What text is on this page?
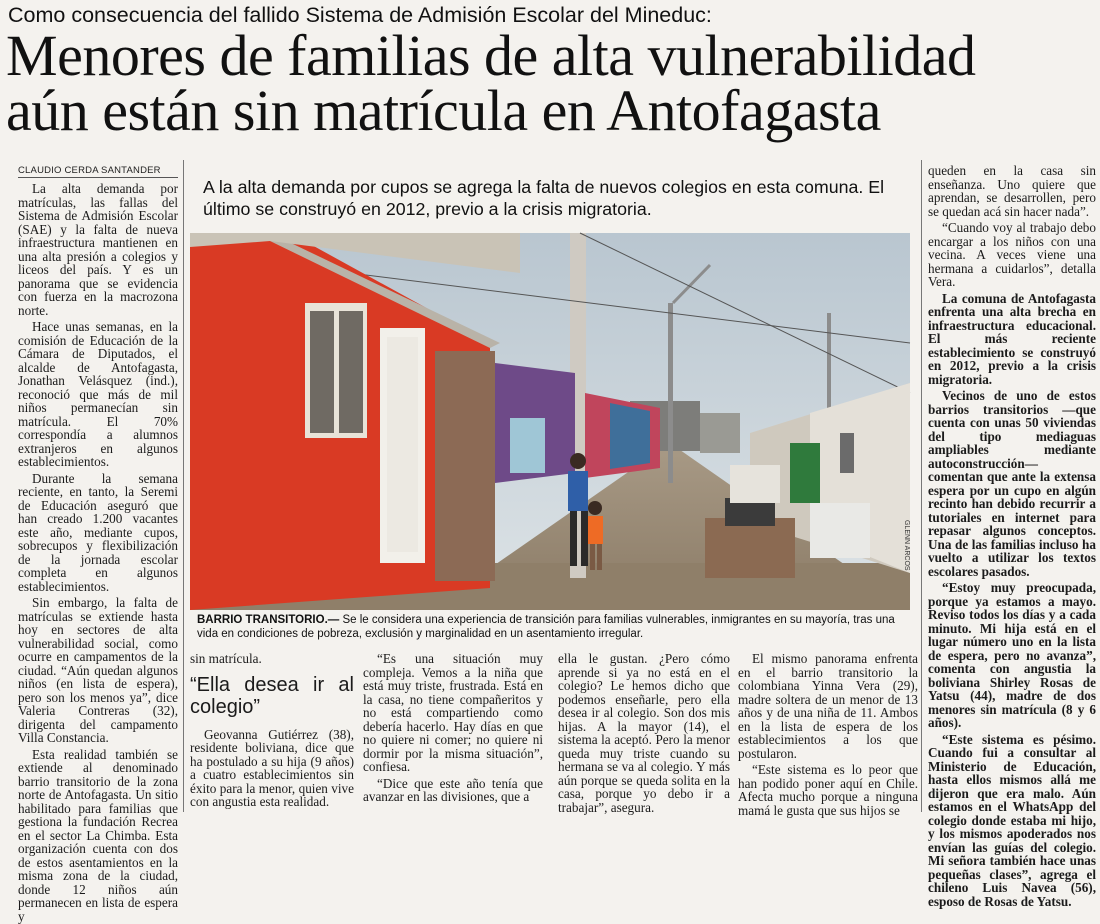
Como consecuencia del fallido Sistema de Admisión Escolar del Mineduc:
Menores de familias de alta vulnerabilidad
aún están sin matrícula en Antofagasta
CLAUDIO CERDA SANTANDER
A la alta demanda por cupos se agrega la falta de nuevos colegios en esta comuna. El último se construyó en 2012, previo a la crisis migratoria.
GLENN ARCOS
BARRIO TRANSITORIO.— Se le considera una experiencia de transición para familias vulnerables, inmigrantes en su mayoría, tras una vida en condiciones de pobreza, exclusión y marginalidad en un asentamiento irregular.

La alta demanda por matrículas, las fallas del Sistema de Admisión Escolar (SAE) y la falta de nueva infraestructura mantienen en una alta presión a colegios y liceos del país. Y es un panorama que se evidencia con fuerza en la macrozona norte.

Hace unas semanas, en la comisión de Educación de la Cámara de Diputados, el alcalde de Antofagasta, Jonathan Velásquez (ind.), reconoció que más de mil niños permanecían sin matrícula. El 70% correspondía a alumnos extranjeros en algunos establecimientos.

Durante la semana reciente, en tanto, la Seremi de Educación aseguró que han creado 1.200 vacantes este año, mediante cupos, sobrecupos y flexibilización de la jornada escolar completa en algunos establecimientos.

Sin embargo, la falta de matrículas se extiende hasta hoy en sectores de alta vulnerabilidad social, como ocurre en campamentos de la ciudad. “Aún quedan algunos niños (en lista de espera), pero son los menos ya”, dice Valeria Contreras (32), dirigenta del campamento Villa Constancia.

Esta realidad también se extiende al denominado barrio transitorio de la zona norte de Antofagasta. Un sitio habilitado para familias que gestiona la fundación Recrea en el sector La Chimba. Esta organización cuenta con dos de estos asentamientos en la misma zona de la ciudad, donde 12 niños aún permanecen en lista de espera y

sin matrícula.

“Ella desea ir al colegio”

Geovanna Gutiérrez (38), residente boliviana, dice que ha postulado a su hija (9 años) a cuatro establecimientos sin éxito para la menor, quien vive con angustia esta realidad.

“Es una situación muy compleja. Vemos a la niña que está muy triste, frustrada. Está en la casa, no tiene compañeritos y no está compartiendo como debería hacerlo. Hay días en que no quiere ni comer; no quiere ni dormir por la misma situación”, confiesa.

“Dice que este año tenía que avanzar en las divisiones, que a

ella le gustan. ¿Pero cómo aprende si ya no está en el colegio? Le hemos dicho que podemos enseñarle, pero ella desea ir al colegio. Son dos mis hijas. A la mayor (14), el sistema la aceptó. Pero la menor queda muy triste cuando su hermana se va al colegio. Y más aún porque se queda solita en la casa, porque yo debo ir a trabajar”, asegura.

El mismo panorama enfrenta en el barrio transitorio la colombiana Yinna Vera (29), madre soltera de un menor de 13 años y de una niña de 11. Ambos en la lista de espera de los establecimientos a los que postularon.

“Este sistema es lo peor que han podido poner aquí en Chile. Afecta mucho porque a ninguna mamá le gusta que sus hijos se

queden en la casa sin enseñanza. Uno quiere que aprendan, se desarrollen, pero se quedan acá sin hacer nada”.

“Cuando voy al trabajo debo encargar a los niños con una vecina. A veces viene una hermana a cuidarlos”, detalla Vera.

La comuna de Antofagasta enfrenta una alta brecha en infraestructura educacional. El más reciente establecimiento se construyó en 2012, previo a la crisis migratoria.

Vecinos de uno de estos barrios transitorios —que cuenta con unas 50 viviendas del tipo mediaguas ampliables mediante autoconstrucción— comentan que ante la extensa espera por un cupo en algún recinto han debido recurrir a tutoriales en internet para repasar algunos conceptos. Una de las familias incluso ha vuelto a utilizar los textos escolares pasados.

“Estoy muy preocupada, porque ya estamos a mayo. Reviso todos los días y a cada minuto. Mi hija está en el lugar número uno en la lista de espera, pero no avanza”, comenta con angustia la boliviana Shirley Rosas de Yatsu (44), madre de dos menores sin matrícula (8 y 6 años).

“Este sistema es pésimo. Cuando fui a consultar al Ministerio de Educación, hasta ellos mismos allá me dijeron que era malo. Aún estamos en el WhatsApp del colegio donde estaba mi hijo, y los mismos apoderados nos envían las guías del colegio. Mi señora también hace unas pequeñas clases”, agrega el chileno Luis Navea (56), esposo de Rosas de Yatsu.
